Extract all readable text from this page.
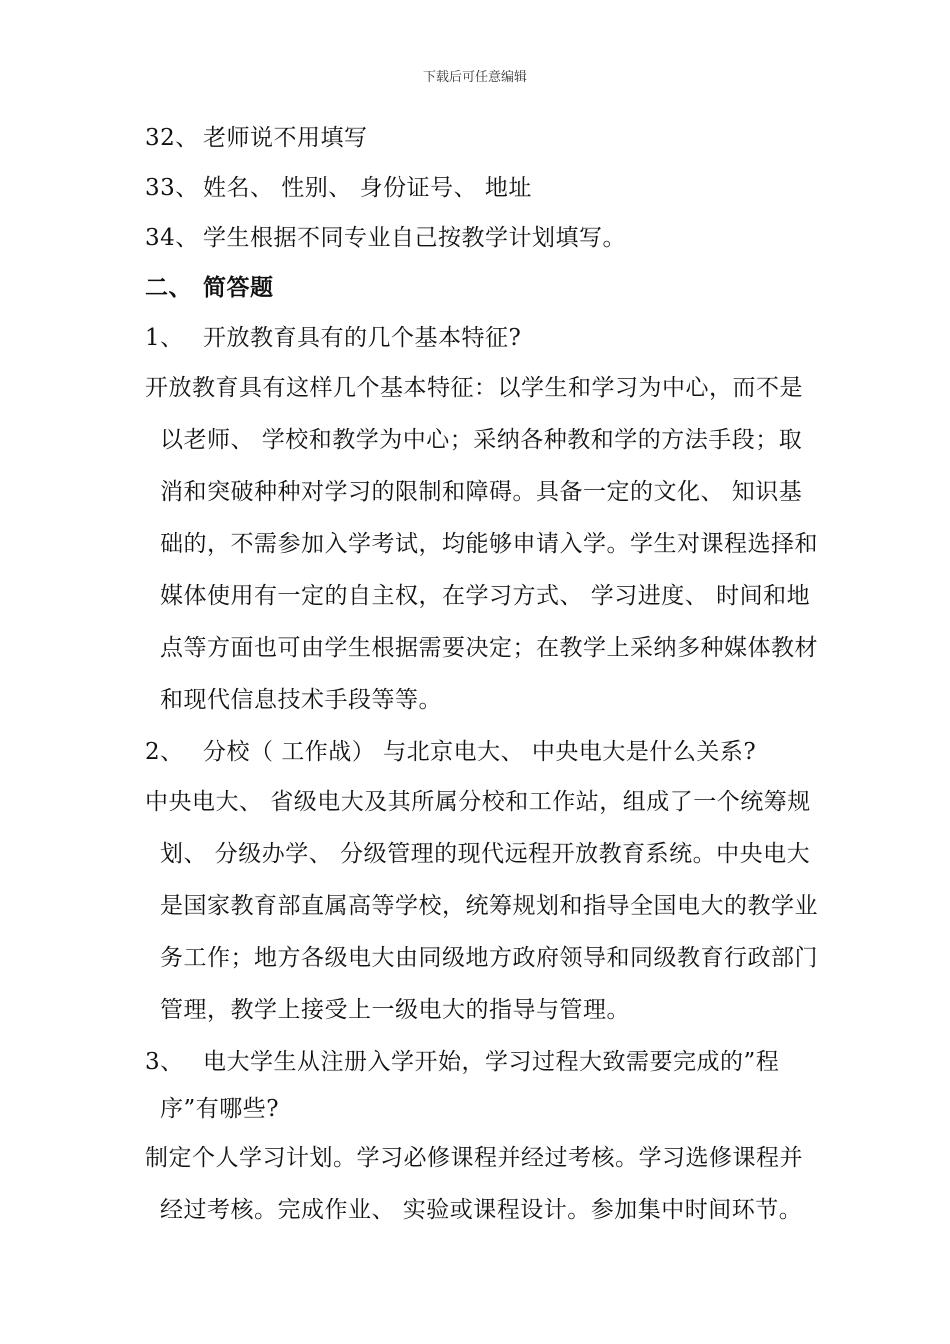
下载后可任意编辑
32、 老师说不用填写
33、 姓名、 性别、 身份证号、 地址
34、 学生根据不同专业自己按教学计划填写。
二、 简答题
1、 开放教育具有的几个基本特征?
开放教育具有这样几个基本特征：以学生和学习为中心，而不是
以老师、 学校和教学为中心；采纳各种教和学的方法手段；取
消和突破种种对学习的限制和障碍。具备一定的文化、 知识基
础的，不需参加入学考试，均能够申请入学。学生对课程选择和
媒体使用有一定的自主权，在学习方式、 学习进度、 时间和地
点等方面也可由学生根据需要决定；在教学上采纳多种媒体教材
和现代信息技术手段等等。
2、 分校（ 工作战） 与北京电大、 中央电大是什么关系?
中央电大、 省级电大及其所属分校和工作站，组成了一个统筹规
划、 分级办学、 分级管理的现代远程开放教育系统。中央电大
是国家教育部直属高等学校，统筹规划和指导全国电大的教学业
务工作；地方各级电大由同级地方政府领导和同级教育行政部门
管理，教学上接受上一级电大的指导与管理。
3、 电大学生从注册入学开始，学习过程大致需要完成的”程
序”有哪些?
制定个人学习计划。学习必修课程并经过考核。学习选修课程并
经过考核。完成作业、 实验或课程设计。参加集中时间环节。
